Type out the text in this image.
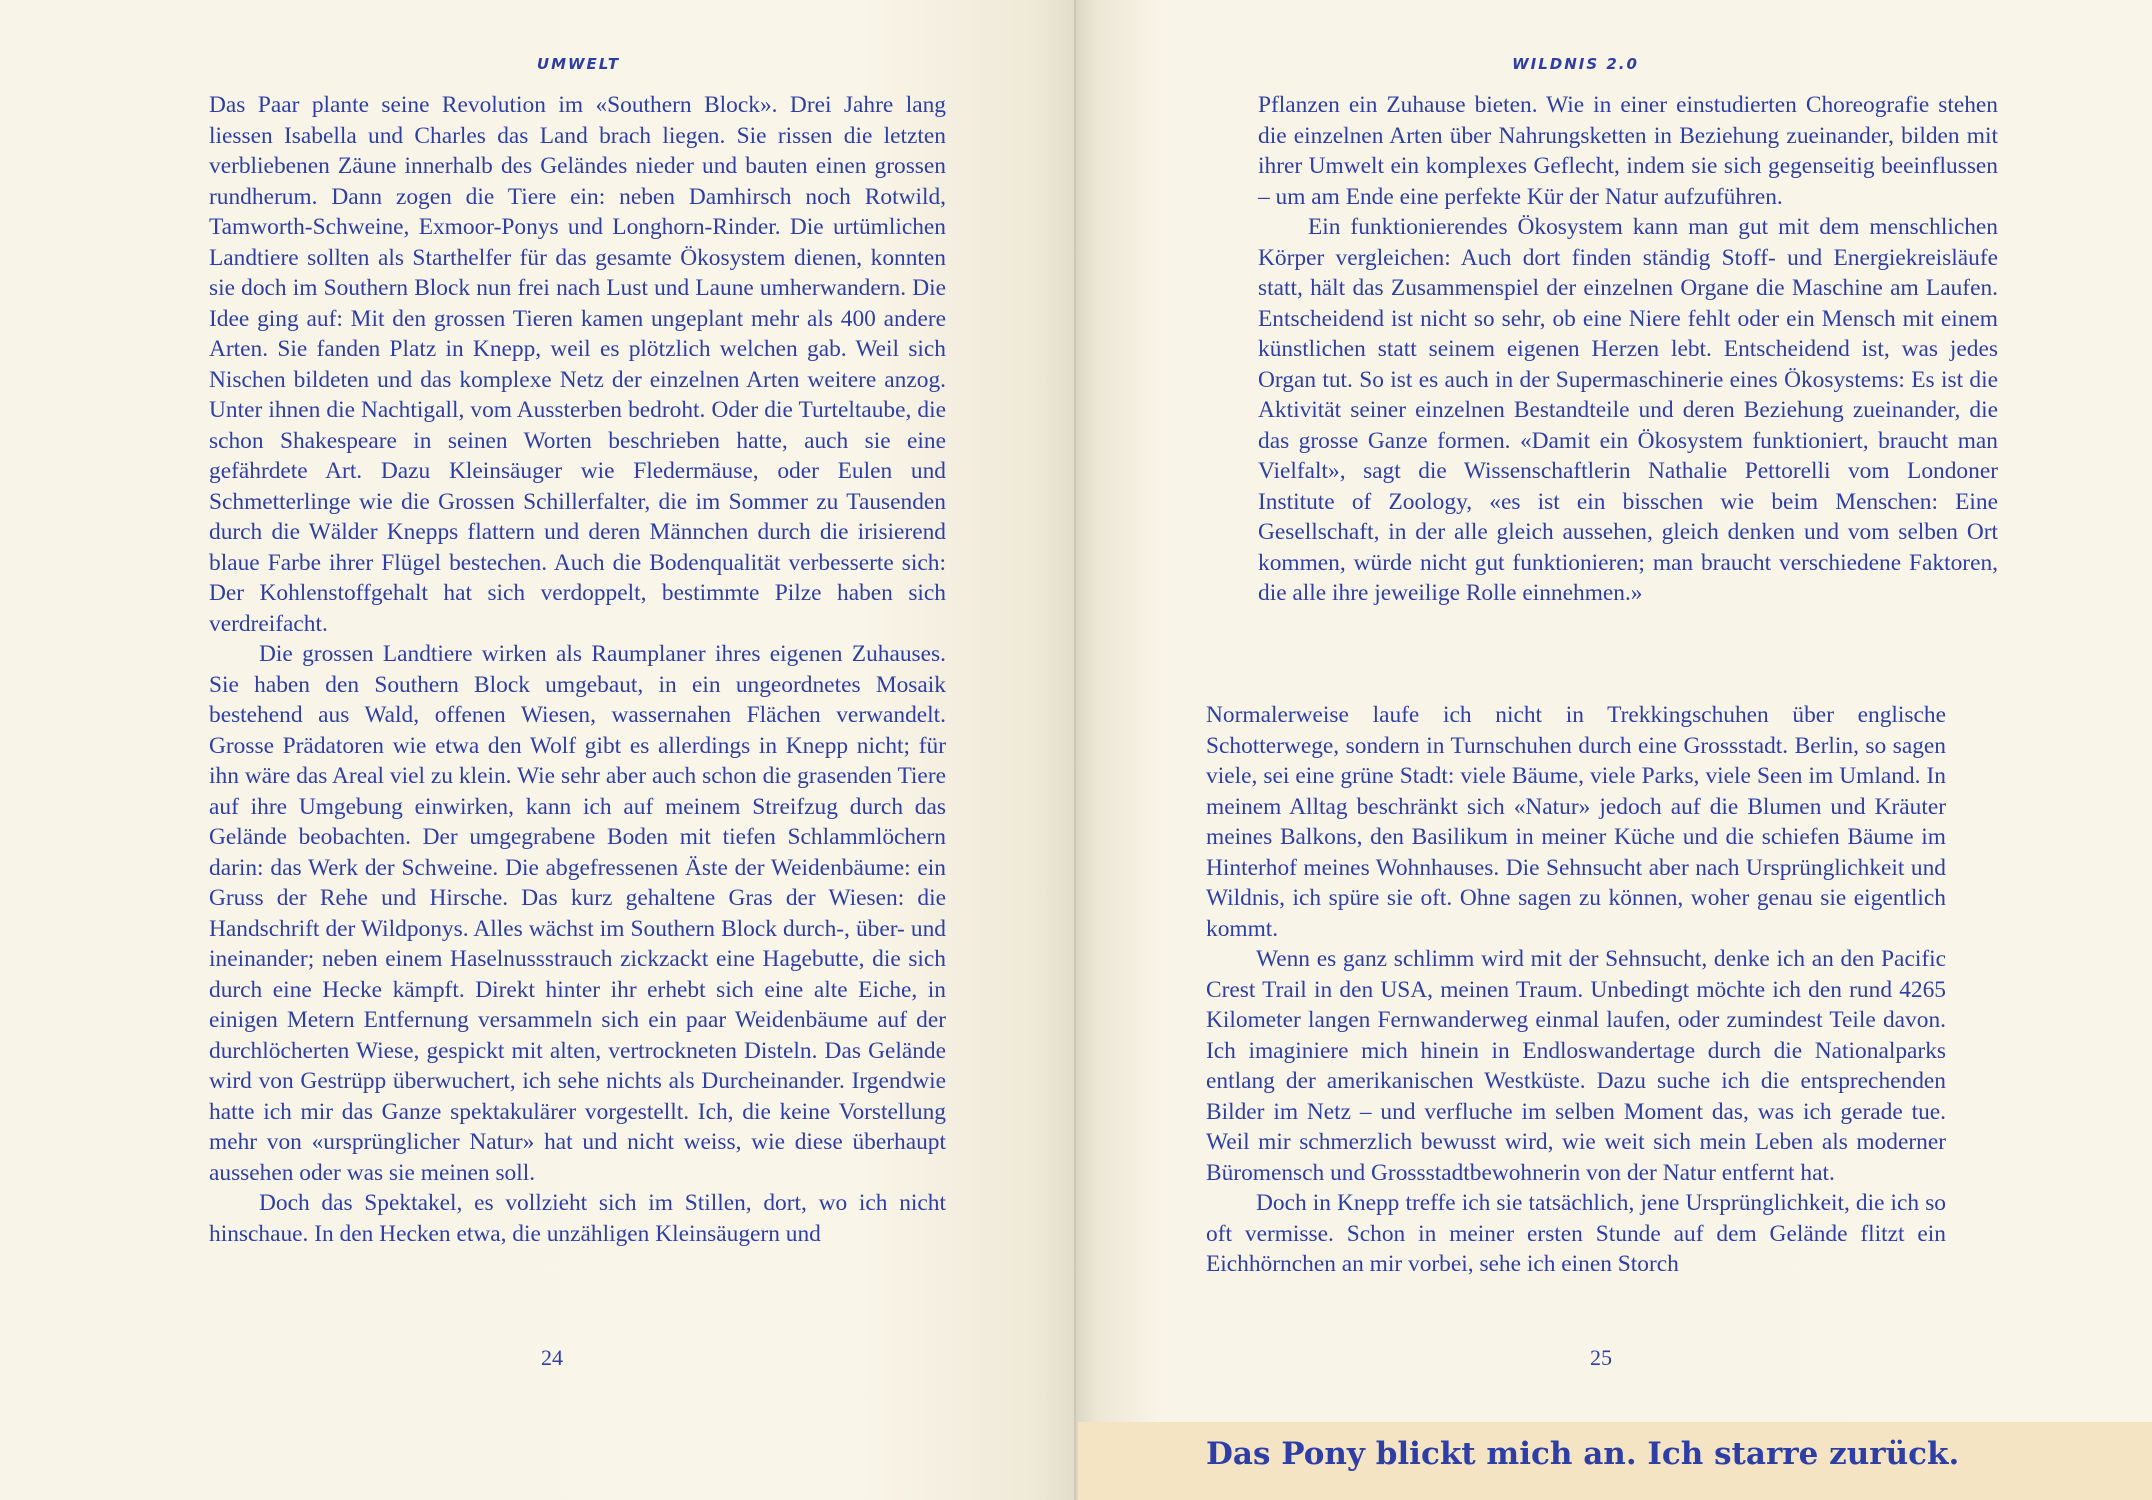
UMWELT	WILDNIS 2.0

Das Paar plante seine Revolution im «Southern Block». Drei Jahre lang liessen Isabella und Charles das Land brach liegen. Sie rissen die letzten verbliebenen Zäune innerhalb des Geländes nieder und bauten einen grossen rundherum. Dann zogen die Tiere ein: neben Damhirsch noch Rotwild, Tamworth-Schweine, Exmoor-Ponys und Longhorn-Rinder. Die urtümlichen Landtiere sollten als Starthelfer für das gesamte Ökosystem dienen, konnten sie doch im Southern Block nun frei nach Lust und Laune umherwandern. Die Idee ging auf: Mit den grossen Tieren kamen ungeplant mehr als 400 andere Arten. Sie fanden Platz in Knepp, weil es plötzlich welchen gab. Weil sich Nischen bildeten und das komplexe Netz der einzelnen Arten weitere anzog. Unter ihnen die Nachtigall, vom Aussterben bedroht. Oder die Turteltaube, die schon Shakespeare in seinen Worten beschrieben hatte, auch sie eine gefährdete Art. Dazu Kleinsäuger wie Fledermäuse, oder Eulen und Schmetterlinge wie die Grossen Schillerfalter, die im Sommer zu Tausenden durch die Wälder Knepps flattern und deren Männchen durch die irisierend blaue Farbe ihrer Flügel bestechen. Auch die Bodenqualität verbesserte sich: Der Kohlenstoffgehalt hat sich verdoppelt, bestimmte Pilze haben sich verdreifacht.

Die grossen Landtiere wirken als Raumplaner ihres eigenen Zuhauses. Sie haben den Southern Block umgebaut, in ein ungeordnetes Mosaik bestehend aus Wald, offenen Wiesen, wassernahen Flächen verwandelt. Grosse Prädatoren wie etwa den Wolf gibt es allerdings in Knepp nicht; für ihn wäre das Areal viel zu klein. Wie sehr aber auch schon die grasenden Tiere auf ihre Umgebung einwirken, kann ich auf meinem Streifzug durch das Gelände beobachten. Der umgegrabene Boden mit tiefen Schlammlöchern darin: das Werk der Schweine. Die abgefressenen Äste der Weidenbäume: ein Gruss der Rehe und Hirsche. Das kurz gehaltene Gras der Wiesen: die Handschrift der Wildponys. Alles wächst im Southern Block durch-, über- und ineinander; neben einem Haselnussstrauch zickzackt eine Hagebutte, die sich durch eine Hecke kämpft. Direkt hinter ihr erhebt sich eine alte Eiche, in einigen Metern Entfernung versammeln sich ein paar Weidenbäume auf der durchlöcherten Wiese, gespickt mit alten, vertrockneten Disteln. Das Gelände wird von Gestrüpp überwuchert, ich sehe nichts als Durcheinander. Irgendwie hatte ich mir das Ganze spektakulärer vorgestellt. Ich, die keine Vorstellung mehr von «ursprünglicher Natur» hat und nicht weiss, wie diese überhaupt aussehen oder was sie meinen soll.

Doch das Spektakel, es vollzieht sich im Stillen, dort, wo ich nicht hinschaue. In den Hecken etwa, die unzähligen Kleinsäugern und

Pflanzen ein Zuhause bieten. Wie in einer einstudierten Choreografie stehen die einzelnen Arten über Nahrungsketten in Beziehung zueinander, bilden mit ihrer Umwelt ein komplexes Geflecht, indem sie sich gegenseitig beeinflussen – um am Ende eine perfekte Kür der Natur aufzuführen.

Ein funktionierendes Ökosystem kann man gut mit dem menschlichen Körper vergleichen: Auch dort finden ständig Stoff- und Energiekreisläufe statt, hält das Zusammenspiel der einzelnen Organe die Maschine am Laufen. Entscheidend ist nicht so sehr, ob eine Niere fehlt oder ein Mensch mit einem künstlichen statt seinem eigenen Herzen lebt. Entscheidend ist, was jedes Organ tut. So ist es auch in der Supermaschinerie eines Ökosystems: Es ist die Aktivität seiner einzelnen Bestandteile und deren Beziehung zueinander, die das grosse Ganze formen. «Damit ein Ökosystem funktioniert, braucht man Vielfalt», sagt die Wissenschaftlerin Nathalie Pettorelli vom Londoner Institute of Zoology, «es ist ein bisschen wie beim Menschen: Eine Gesellschaft, in der alle gleich aussehen, gleich denken und vom selben Ort kommen, würde nicht gut funktionieren; man braucht verschiedene Faktoren, die alle ihre jeweilige Rolle einnehmen.»

Normalerweise laufe ich nicht in Trekkingschuhen über englische Schotterwege, sondern in Turnschuhen durch eine Grossstadt. Berlin, so sagen viele, sei eine grüne Stadt: viele Bäume, viele Parks, viele Seen im Umland. In meinem Alltag beschränkt sich «Natur» jedoch auf die Blumen und Kräuter meines Balkons, den Basilikum in meiner Küche und die schiefen Bäume im Hinterhof meines Wohnhauses. Die Sehnsucht aber nach Ursprünglichkeit und Wildnis, ich spüre sie oft. Ohne sagen zu können, woher genau sie eigentlich kommt.

Wenn es ganz schlimm wird mit der Sehnsucht, denke ich an den Pacific Crest Trail in den USA, meinen Traum. Unbedingt möchte ich den rund 4265 Kilometer langen Fernwanderweg einmal laufen, oder zumindest Teile davon. Ich imaginiere mich hinein in Endloswandertage durch die Nationalparks entlang der amerikanischen Westküste. Dazu suche ich die entsprechenden Bilder im Netz – und verfluche im selben Moment das, was ich gerade tue. Weil mir schmerzlich bewusst wird, wie weit sich mein Leben als moderner Büromensch und Grossstadtbewohnerin von der Natur entfernt hat.

Doch in Knepp treffe ich sie tatsächlich, jene Ursprünglichkeit, die ich so oft vermisse. Schon in meiner ersten Stunde auf dem Gelände flitzt ein Eichhörnchen an mir vorbei, sehe ich einen Storch

24	25
Das Pony blickt mich an. Ich starre zurück.
